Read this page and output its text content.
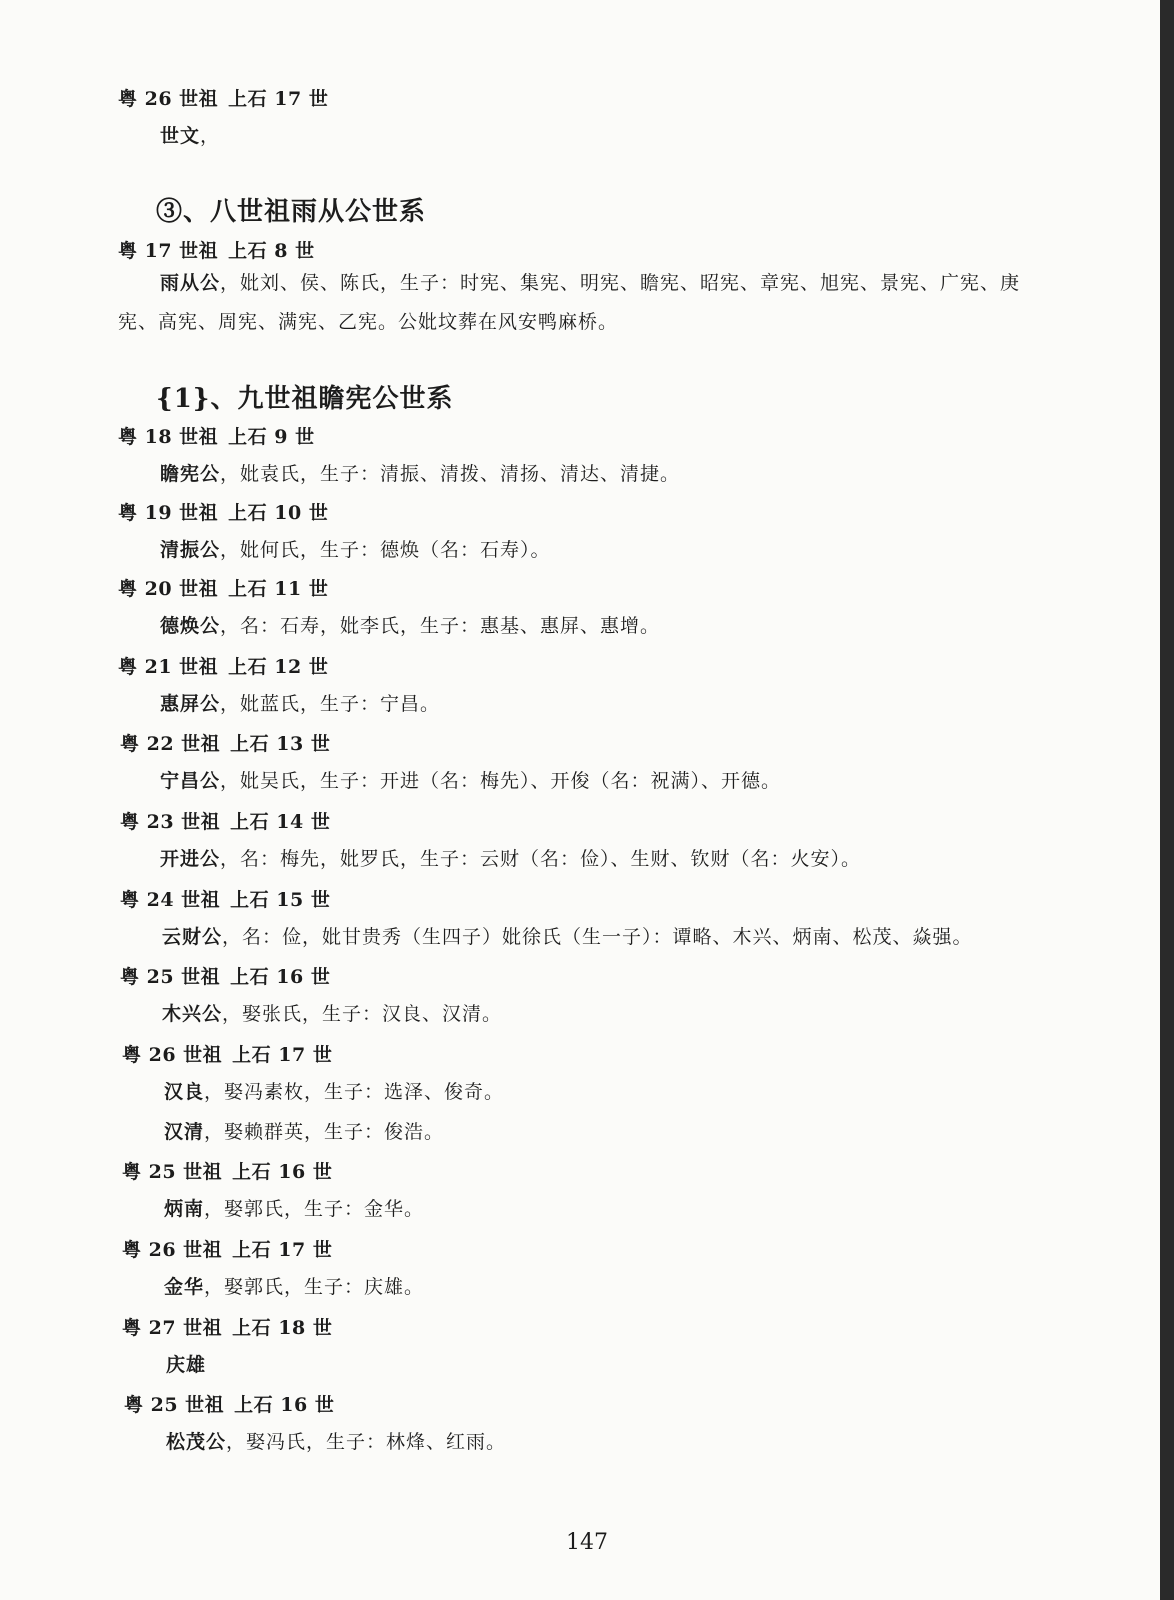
粤 26 世祖 上石 17 世
世文，
③、八世祖雨从公世系
粤 17 世祖 上石 8 世
雨从公，妣刘、侯、陈氏，生子：时宪、集宪、明宪、瞻宪、昭宪、章宪、旭宪、景宪、广宪、庚宪、高宪、周宪、满宪、乙宪。公妣坟葬在风安鸭麻桥。
{1}、九世祖瞻宪公世系
粤 18 世祖 上石 9 世
瞻宪公，妣袁氏，生子：清振、清拨、清扬、清达、清捷。
粤 19 世祖 上石 10 世
清振公，妣何氏，生子：德焕（名：石寿）。
粤 20 世祖 上石 11 世
德焕公，名：石寿，妣李氏，生子：惠基、惠屏、惠增。
粤 21 世祖 上石 12 世
惠屏公，妣蓝氏，生子：宁昌。
粤 22 世祖 上石 13 世
宁昌公，妣吴氏，生子：开进（名：梅先）、开俊（名：祝满）、开德。
粤 23 世祖 上石 14 世
开进公，名：梅先，妣罗氏，生子：云财（名：俭）、生财、钦财（名：火安）。
粤 24 世祖 上石 15 世
云财公，名：俭，妣甘贵秀（生四子）妣徐氏（生一子）：谭略、木兴、炳南、松茂、焱强。
粤 25 世祖 上石 16 世
木兴公，娶张氏，生子：汉良、汉清。
粤 26 世祖 上石 17 世
汉良，娶冯素枚，生子：选泽、俊奇。
汉清，娶赖群英，生子：俊浩。
粤 25 世祖 上石 16 世
炳南，娶郭氏，生子：金华。
粤 26 世祖 上石 17 世
金华，娶郭氏，生子：庆雄。
粤 27 世祖 上石 18 世
庆雄
粤 25 世祖 上石 16 世
松茂公，娶冯氏，生子：林烽、红雨。
147
